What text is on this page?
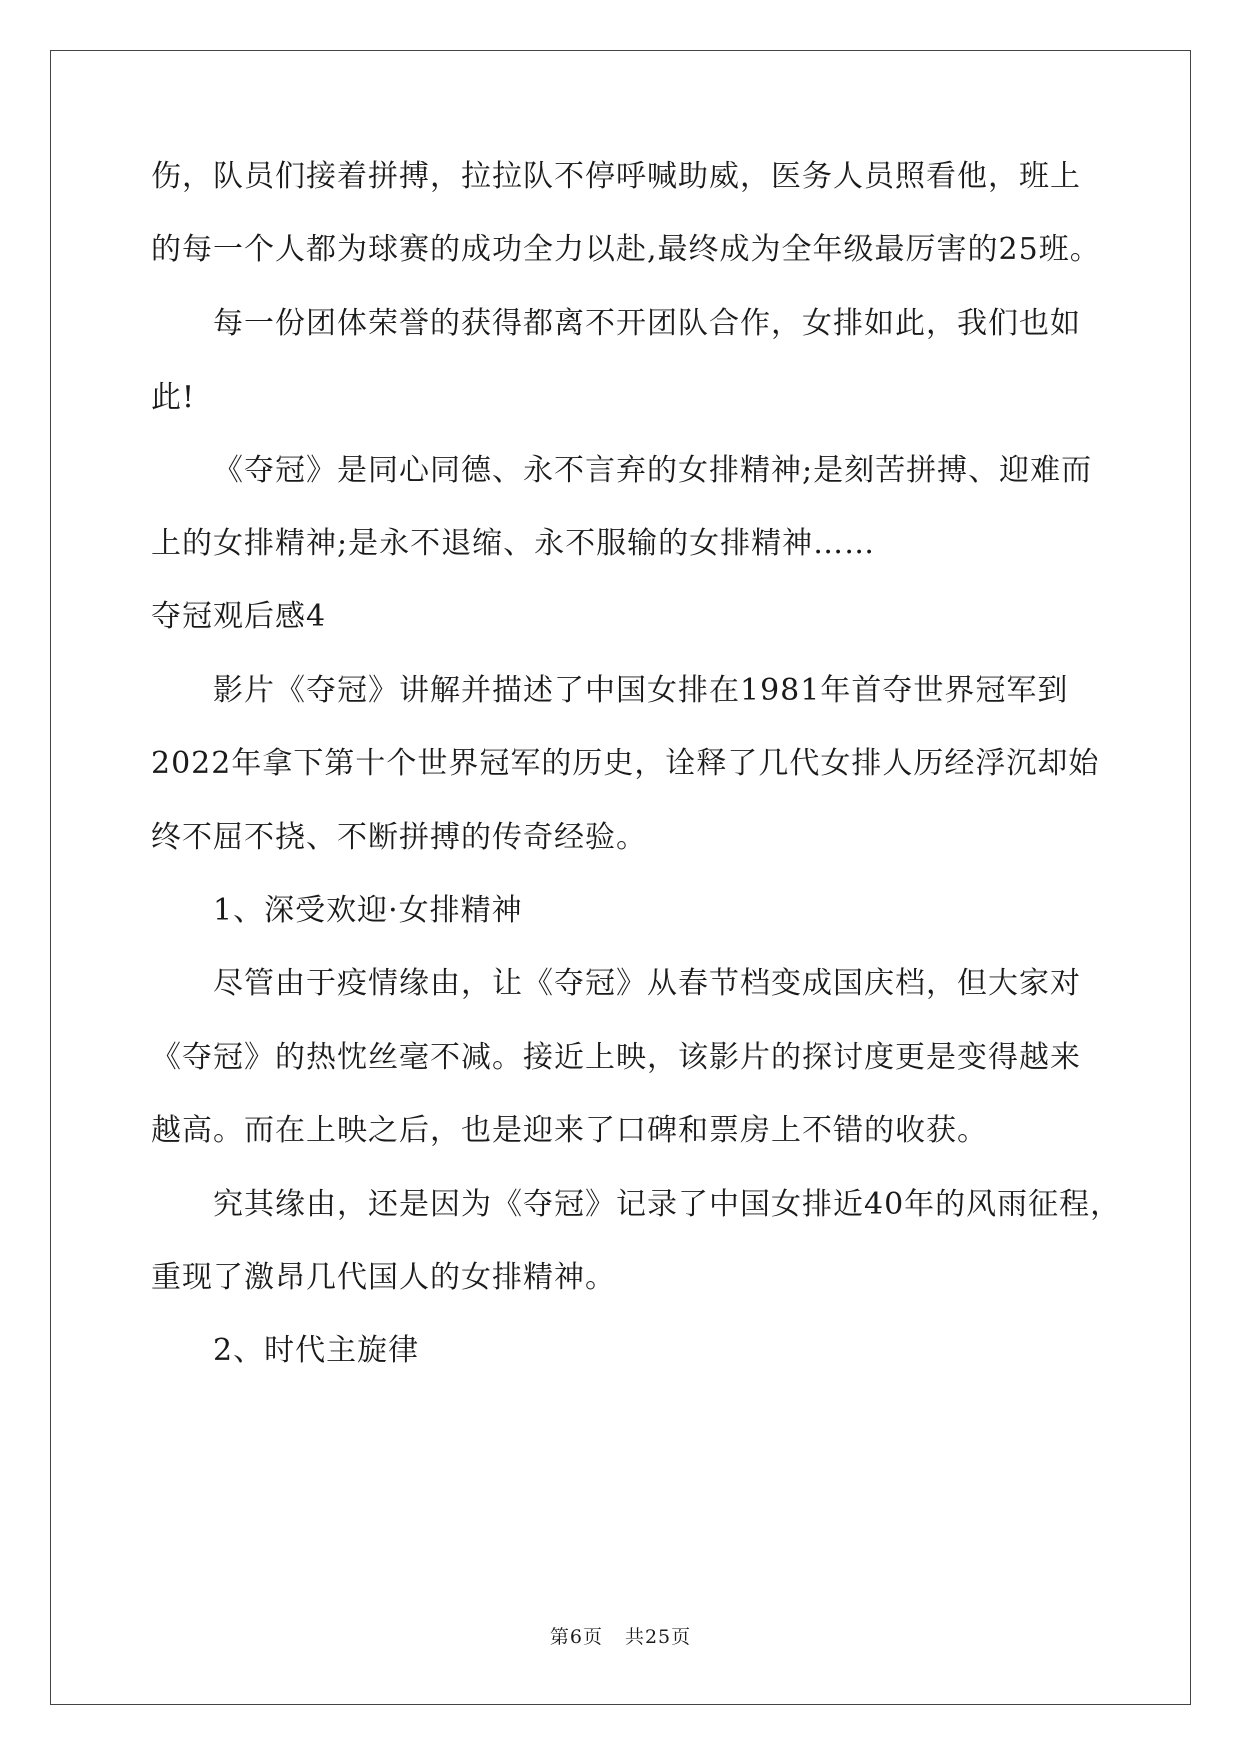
伤，队员们接着拼搏，拉拉队不停呼喊助威，医务人员照看他，班上
的每一个人都为球赛的成功全力以赴,最终成为全年级最厉害的25班。
每一份团体荣誉的获得都离不开团队合作，女排如此，我们也如
此!
《夺冠》是同心同德、永不言弃的女排精神;是刻苦拼搏、迎难而
上的女排精神;是永不退缩、永不服输的女排精神……
夺冠观后感4
影片《夺冠》讲解并描述了中国女排在1981年首夺世界冠军到
2022年拿下第十个世界冠军的历史，诠释了几代女排人历经浮沉却始
终不屈不挠、不断拼搏的传奇经验。
1、深受欢迎·女排精神
尽管由于疫情缘由，让《夺冠》从春节档变成国庆档，但大家对
《夺冠》的热忱丝毫不减。接近上映，该影片的探讨度更是变得越来
越高。而在上映之后，也是迎来了口碑和票房上不错的收获。
究其缘由，还是因为《夺冠》记录了中国女排近40年的风雨征程，
重现了激昂几代国人的女排精神。
2、时代主旋律
第6页 共25页
